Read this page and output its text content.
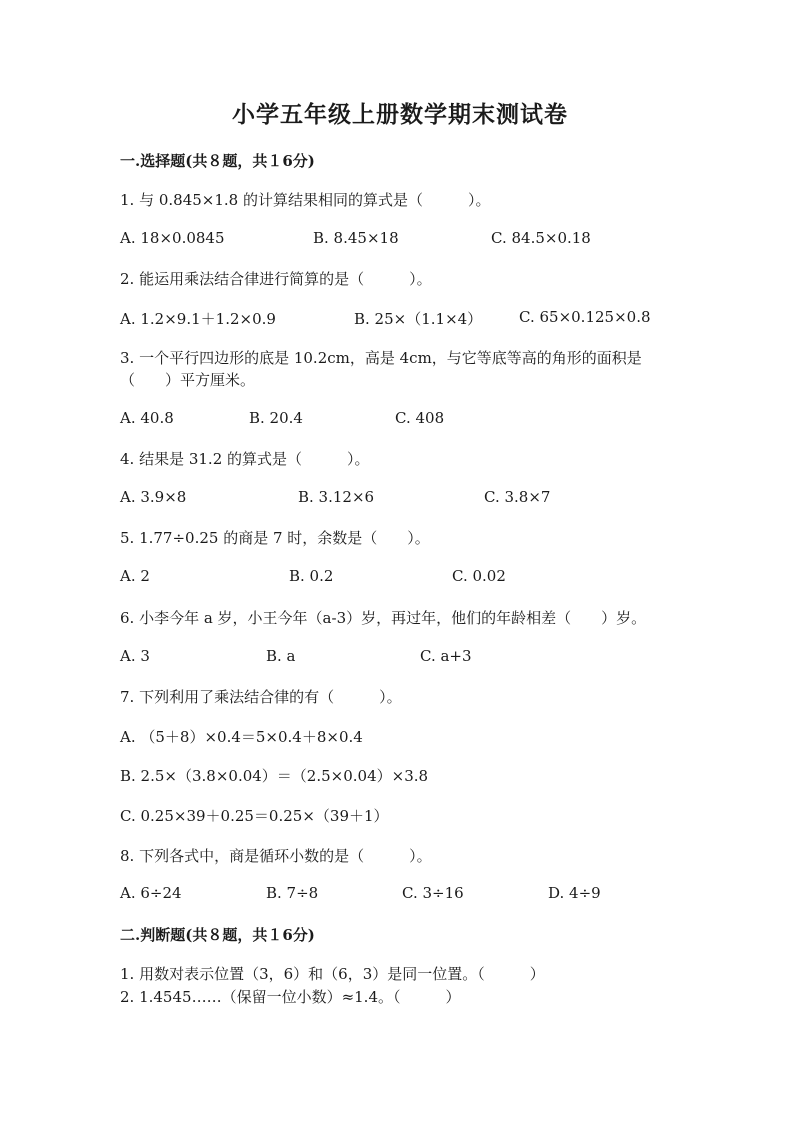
小学五年级上册数学期末测试卷
一.选择题(共８题，共１6分)
1. 与 0.845×1.8 的计算结果相同的算式是（　　　）。
A. 18×0.0845	B. 8.45×18	C. 84.5×0.18
2. 能运用乘法结合律进行简算的是（　　　）。
A. 1.2×9.1＋1.2×0.9	B. 25×（1.1×4） C. 65×0.125×0.8
3. 一个平行四边形的底是 10.2cm，高是 4cm，与它等底等高的角形的面积是
（　　）平方厘米。
A. 40.8	B. 20.4	C. 408
4. 结果是 31.2 的算式是（　　　）。
A. 3.9×8	B. 3.12×6	C. 3.8×7
5. 1.77÷0.25 的商是 7 时，余数是（　　）。
A. 2	B. 0.2	C. 0.02
6. 小李今年 a 岁，小王今年（a-3）岁，再过年，他们的年龄相差（　　）岁。
A. 3	B. a	C. a+3
7. 下列利用了乘法结合律的有（　　　）。
A. （5＋8）×0.4＝5×0.4＋8×0.4
B. 2.5×（3.8×0.04）＝（2.5×0.04）×3.8
C. 0.25×39＋0.25＝0.25×（39＋1）
8. 下列各式中，商是循环小数的是（　　　）。
A. 6÷24	B. 7÷8	C. 3÷16	D. 4÷9
二.判断题(共８题，共１6分)
1. 用数对表示位置（3，6）和（6，3）是同一位置。（　　　）
2. 1.4545……（保留一位小数）≈1.4。（　　　）
